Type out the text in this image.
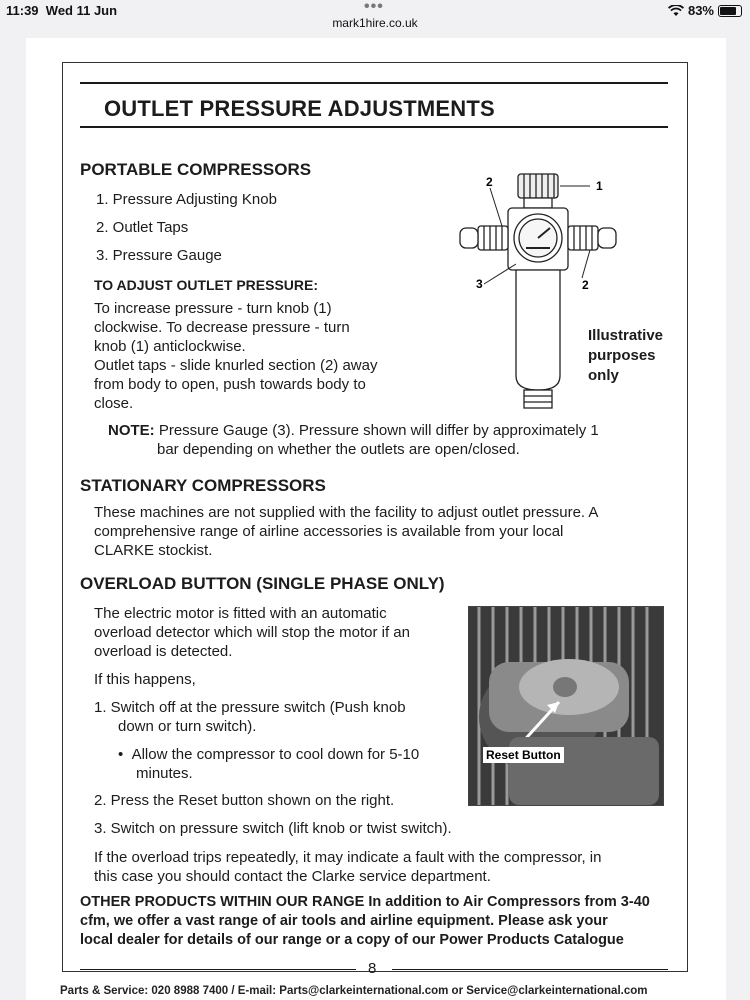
11:39 Wed 11 Jun	•••	83%
mark1hire.co.uk
OUTLET PRESSURE ADJUSTMENTS
PORTABLE COMPRESSORS
1. Pressure Adjusting Knob
2. Outlet Taps
3. Pressure Gauge
TO ADJUST OUTLET PRESSURE:
To increase pressure - turn knob (1)
clockwise. To decrease pressure - turn
knob (1) anticlockwise.
Outlet taps - slide knurled section (2) away
from body to open, push towards body to
close.
NOTE: Pressure Gauge (3). Pressure shown will differ by approximately 1
bar depending on whether the outlets are open/closed.
1
2
2
3
Illustrative
purposes
only
STATIONARY COMPRESSORS
These machines are not supplied with the facility to adjust outlet pressure. A
comprehensive range of airline accessories is available from your local
CLARKE stockist.
OVERLOAD BUTTON (SINGLE PHASE ONLY)
The electric motor is fitted with an automatic
overload detector which will stop the motor if an
overload is detected.
If this happens,
1. Switch off at the pressure switch (Push knob
down or turn switch).
•  Allow the compressor to cool down for 5-10
minutes.
2. Press the Reset button shown on the right.
3. Switch on pressure switch (lift knob or twist switch).
If the overload trips repeatedly, it may indicate a fault with the compressor, in
this case you should contact the Clarke service department.
Reset Button
OTHER PRODUCTS WITHIN OUR RANGE In addition to Air Compressors from 3-40
cfm, we offer a vast range of air tools and airline equipment. Please ask your
local dealer for details of our range or a copy of our Power Products Catalogue
8
Parts & Service: 020 8988 7400 / E-mail: Parts@clarkeinternational.com or Service@clarkeinternational.com
